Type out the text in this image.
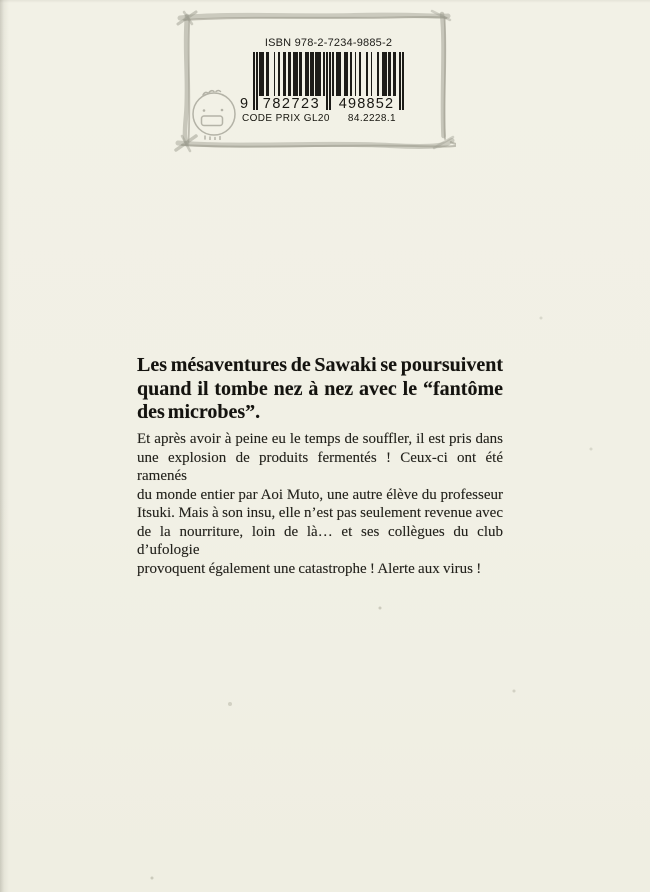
ISBN 978-2-7234-9885-2
9	782723	498852
CODE PRIX GL20 84.2228.1
Les mésaventures de Sawaki se poursuivent
quand il tombe nez à nez avec le “fantôme
des microbes”.
Et après avoir à peine eu le temps de souffler, il est pris dans
une explosion de produits fermentés ! Ceux-ci ont été ramenés
du monde entier par Aoi Muto, une autre élève du professeur
Itsuki. Mais à son insu, elle n’est pas seulement revenue avec
de la nourriture, loin de là… et ses collègues du club d’ufologie
provoquent également une catastrophe ! Alerte aux virus !
